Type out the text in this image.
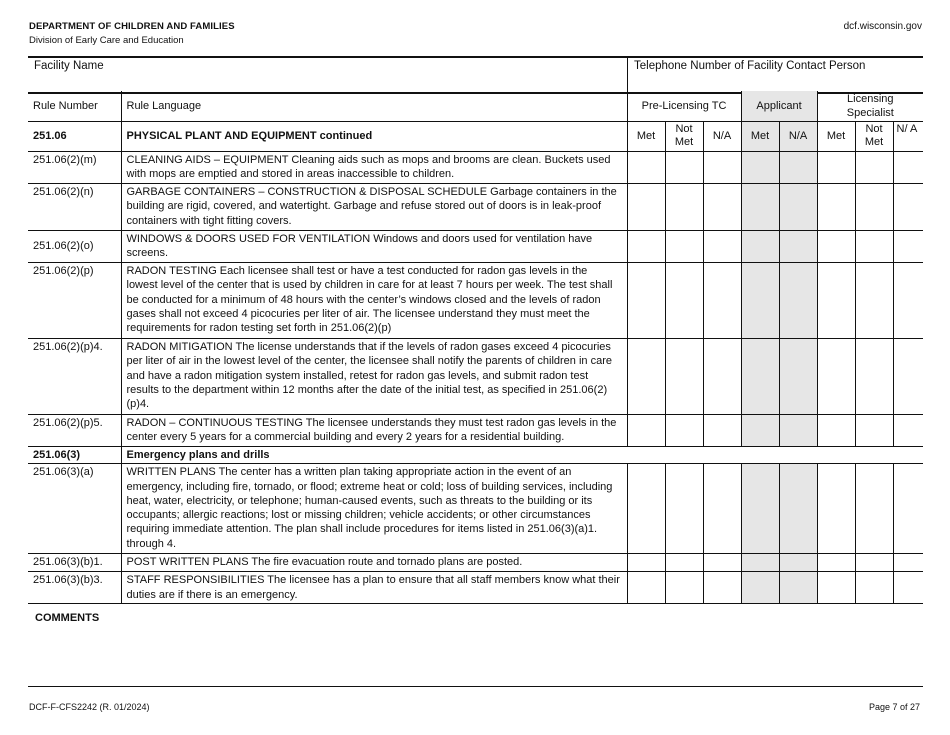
DEPARTMENT OF CHILDREN AND FAMILIES
Division of Early Care and Education
dcf.wisconsin.gov
Facility Name	Telephone Number of Facility Contact Person
Rule Number	Rule Language	Pre-Licensing TC			Applicant		Licensing Specialist		
251.06	PHYSICAL PLANT AND EQUIPMENT continued	Met	Not Met	N/A	Met	N/A	Met	Not Met	N/ A
251.06(2)(m)	CLEANING AIDS – EQUIPMENT Cleaning aids such as mops and brooms are clean. Buckets used with mops are emptied and stored in areas inaccessible to children.								
251.06(2)(n)	GARBAGE CONTAINERS – CONSTRUCTION & DISPOSAL SCHEDULE Garbage containers in the building are rigid, covered, and watertight. Garbage and refuse stored out of doors is in leak-proof containers with tight fitting covers.								
251.06(2)(o)	WINDOWS & DOORS USED FOR VENTILATION Windows and doors used for ventilation have screens.								
251.06(2)(p)	RADON TESTING Each licensee shall test or have a test conducted for radon gas levels in the lowest level of the center that is used by children in care for at least 7 hours per week. The test shall be conducted for a minimum of 48 hours with the center’s windows closed and the levels of radon gases shall not exceed 4 picocuries per liter of air. The licensee understand they must meet the requirements for radon testing set forth in 251.06(2)(p)								
251.06(2)(p)4.	RADON MITIGATION The license understands that if the levels of radon gases exceed 4 picocuries per liter of air in the lowest level of the center, the licensee shall notify the parents of children in care and have a radon mitigation system installed, retest for radon gas levels, and submit radon test results to the department within 12 months after the date of the initial test, as specified in 251.06(2)(p)4.								
251.06(2)(p)5.	RADON – CONTINUOUS TESTING The licensee understands they must test radon gas levels in the center every 5 years for a commercial building and every 2 years for a residential building.								
251.06(3)	Emergency plans and drills								
251.06(3)(a)	WRITTEN PLANS The center has a written plan taking appropriate action in the event of an emergency, including fire, tornado, or flood; extreme heat or cold; loss of building services, including heat, water, electricity, or telephone; human-caused events, such as threats to the building or its occupants; allergic reactions; lost or missing children; vehicle accidents; or other circumstances requiring immediate attention. The plan shall include procedures for items listed in 251.06(3)(a)1. through 4.								
251.06(3)(b)1.	POST WRITTEN PLANS The fire evacuation route and tornado plans are posted.								
251.06(3)(b)3.	STAFF RESPONSIBILITIES The licensee has a plan to ensure that all staff members know what their duties are if there is an emergency.								
COMMENTS
DCF-F-CFS2242 (R. 01/2024)	Page 7 of 27
